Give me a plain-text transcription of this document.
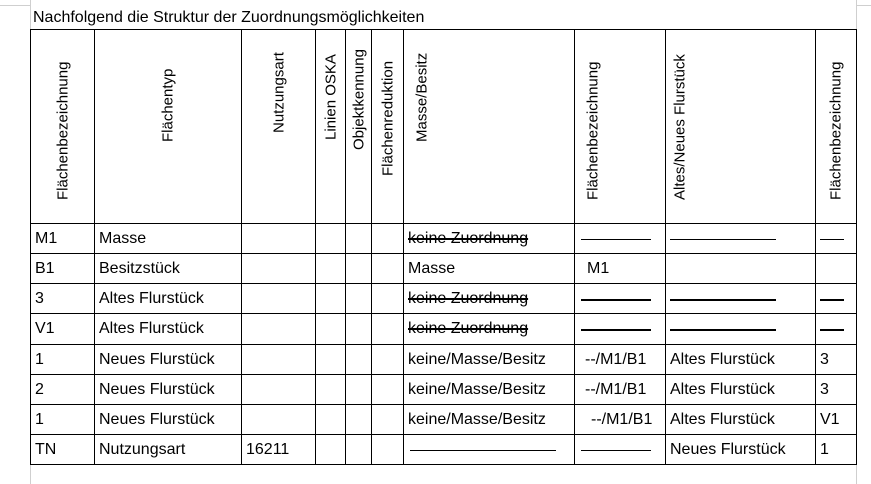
Nachfolgend die Struktur der Zuordnungsmöglichkeiten
Flächenbezeichnung	Flächentyp	Nutzungsart	Linien OSKA	Objektkennung	Flächenreduktion	Masse/Besitz	Flächenbezeichnung	Altes/Neues Flurstück	Flächenbezeichnung

M1	Masse					keine Zuordnung			

B1	Besitzstück					Masse	M1		

3	Altes Flurstück					keine Zuordnung			

V1	Altes Flurstück					keine Zuordnung			

1	Neues Flurstück					keine/Masse/Besitz	--/M1/B1	Altes Flurstück	3

2	Neues Flurstück					keine/Masse/Besitz	--/M1/B1	Altes Flurstück	3

1	Neues Flurstück					keine/Masse/Besitz	--/M1/B1	Altes Flurstück	V1

TN	Nutzungsart	16211						Neues Flurstück	1
